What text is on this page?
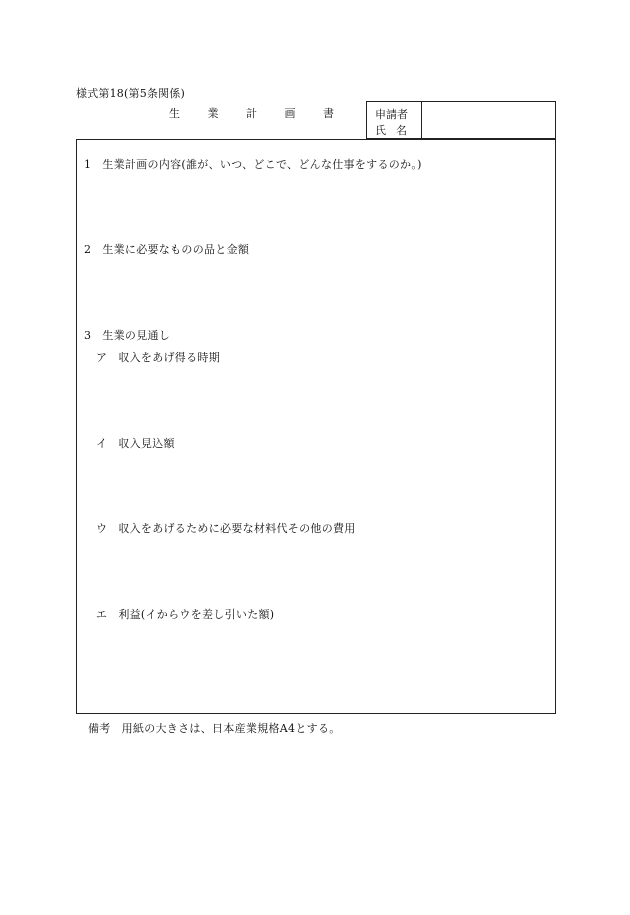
様式第18(第5条関係)
生 業 計 画 書	申請者
氏名
1 生業計画の内容(誰が、いつ、どこで、どんな仕事をするのか。)
2 生業に必要なものの品と金額
3 生業の見通し
ア 収入をあげ得る時期
イ 収入見込額
ウ 収入をあげるために必要な材料代その他の費用
エ 利益(イからウを差し引いた額)
備考 用紙の大きさは、日本産業規格A4とする。
